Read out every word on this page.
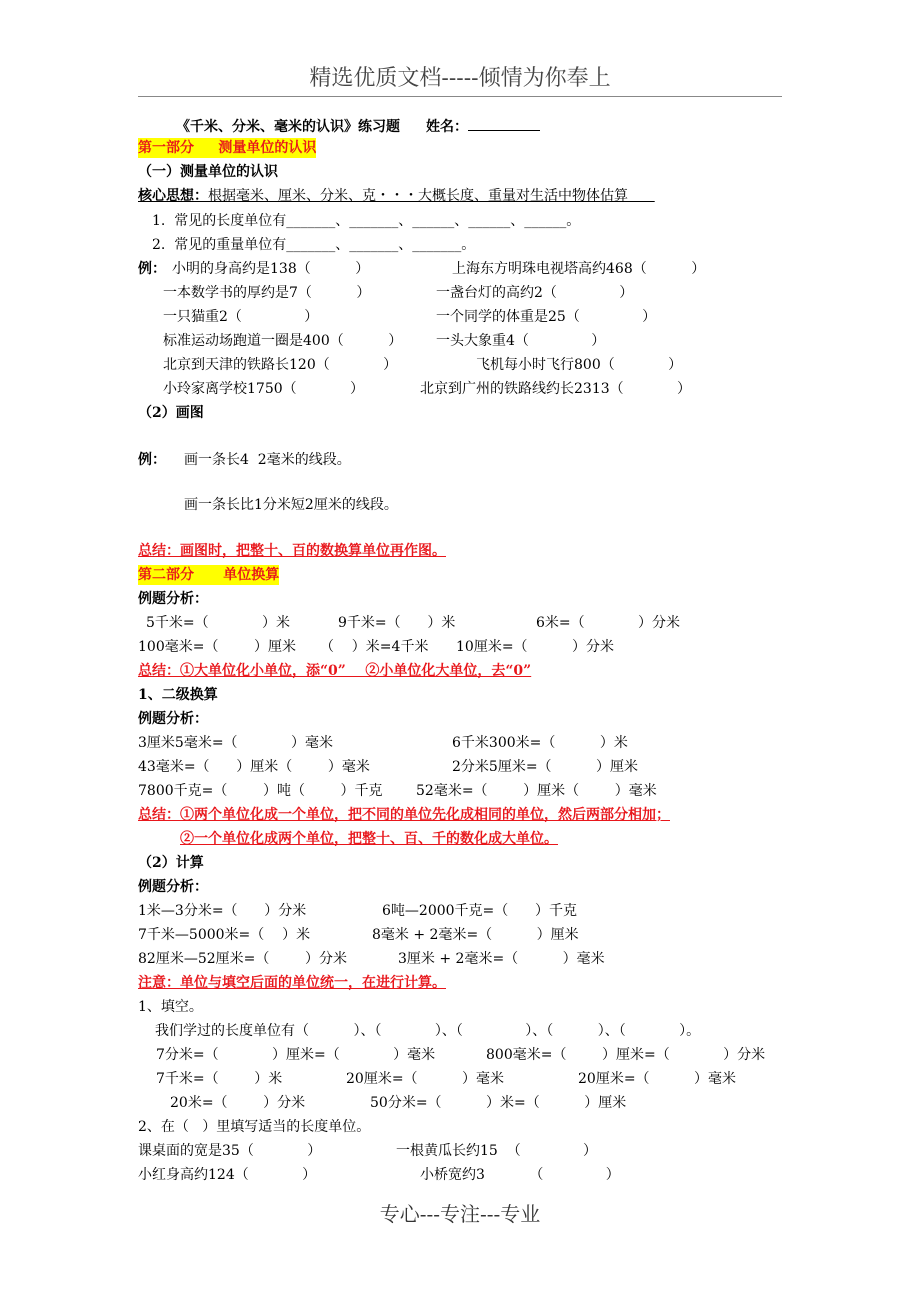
精选优质文档-----倾情为你奉上
《千米、分米、毫米的认识》练习题 姓名：
第一部分     测量单位的认识
（一）测量单位的认识
核心思想：根据毫米、厘米、分米、克・・・大概长度、重量对生活中物体估算
1.  常见的长度单位有_______、_______、______、______、______。
2.  常见的重量单位有_______、_______、_______。
例： 小明的身高约是138（          ）	上海东方明珠电视塔高约468（          ）
一本数学书的厚约是7（          ）	一盏台灯的高约2（              ）
一只猫重2（              ）	一个同学的体重是25（              ）
标准运动场跑道一圈是400（          ） 一头大象重4（              ）
北京到天津的铁路长120（            ）	飞机每小时飞行800（            ）
小玲家离学校1750（            ）	北京到广州的铁路线约长2313（            ）
（2）画图
例： 画一条长4  2毫米的线段。
画一条长比1分米短2厘米的线段。
总结：画图时，把整十、百的数换算单位再作图。
第二部分      单位换算
例题分析：
5千米=（            ）米	9千米=（      ）米	6米=（            ）分米
100毫米=（        ）厘米 （    ）米=4千米 10厘米=（          ）分米
总结：①大单位化小单位，添“0”    ②小单位化大单位，去“0”
1、二级换算
例题分析：
3厘米5毫米=（            ）毫米	6千米300米=（          ）米
43毫米=（      ）厘米（        ）毫米	2分米5厘米=（          ）厘米
7800千克=（        ）吨（        ）千克 52毫米=（        ）厘米（        ）毫米
总结：①两个单位化成一个单位，把不同的单位先化成相同的单位，然后两部分相加；
②一个单位化成两个单位，把整十、百、千的数化成大单位。
（2）计算
例题分析：
1米—3分米=（      ）分米	6吨—2000千克=（      ）千克
7千米—5000米=（    ）米	8毫米 + 2毫米=（          ）厘米
82厘米—52厘米=（        ）分米	3厘米 + 2毫米=（          ）毫米
注意：单位与填空后面的单位统一，在进行计算。
1、填空。
我们学过的长度单位有（          ）、（            ）、（              ）、（          ）、（            ）。
7分米=（            ）厘米=（            ）毫米	800毫米=（        ）厘米=（            ）分米
7千米=（        ）米	20厘米=（          ）毫米	20厘米=（          ）毫米
20米=（        ）分米	50分米=（          ）米=（          ）厘米
2、在（   ）里填写适当的长度单位。
课桌面的宽是35（            ）	一根黄瓜长约15  （              ）
小红身高约124（            ）	小桥宽约3          （              ）
专心---专注---专业
